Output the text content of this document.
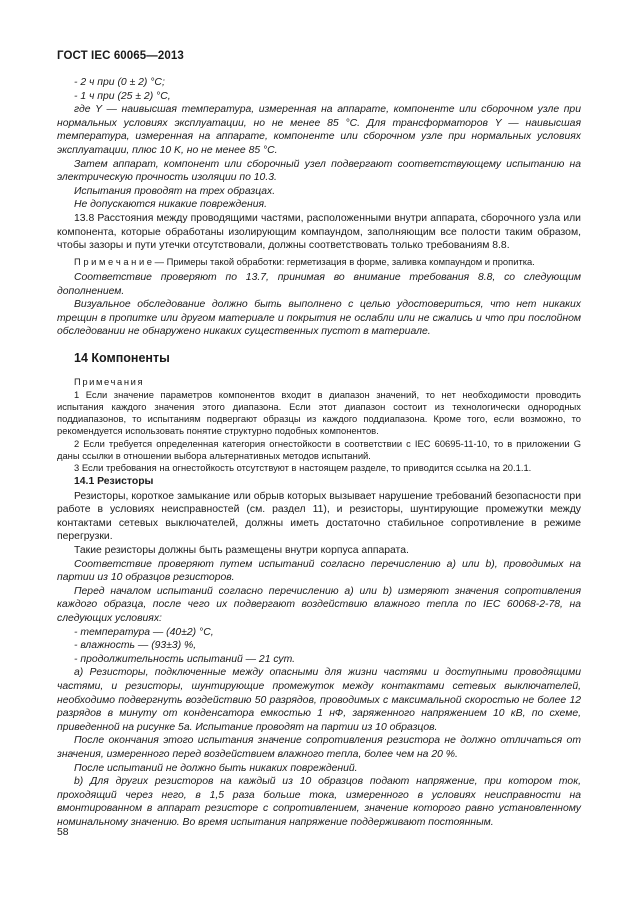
ГОСТ IEC 60065—2013

- 2 ч при (0 ± 2) °С;

- 1 ч при (25 ± 2) °С,

где Y — наивысшая температура, измеренная на аппарате, компоненте или сборочном узле при нормальных условиях эксплуатации, но не менее 85 °С. Для трансформаторов Y — наивысшая температура, измеренная на аппарате, компоненте или сборочном узле при нормальных условиях эксплуатации, плюс 10 K, но не менее 85 °С.

Затем аппарат, компонент или сборочный узел подвергают соответствующему испытанию на электрическую прочность изоляции по 10.3.

Испытания проводят на трех образцах.

Не допускаются никакие повреждения.

13.8 Расстояния между проводящими частями, расположенными внутри аппарата, сборочного узла или компонента, которые обработаны изолирующим компаундом, заполняющим все полости таким образом, чтобы зазоры и пути утечки отсутствовали, должны соответствовать только требованиям 8.8.

П р и м е ч а н и е — Примеры такой обработки: герметизация в форме, заливка компаундом и пропитка.

Соответствие проверяют по 13.7, принимая во внимание требования 8.8, со следующим дополнением.

Визуальное обследование должно быть выполнено с целью удостовериться, что нет никаких трещин в пропитке или другом материале и покрытия не ослабли или не сжались и что при послойном обследовании не обнаружено никаких существенных пустот в материале.

14 Компоненты

Примечания

1 Если значение параметров компонентов входит в диапазон значений, то нет необходимости проводить испытания каждого значения этого диапазона. Если этот диапазон состоит из технологически однородных поддиапазонов, то испытаниям подвергают образцы из каждого поддиапазона. Кроме того, если возможно, то рекомендуется использовать понятие структурно подобных компонентов.

2 Если требуется определенная категория огнестойкости в соответствии с IEC 60695-11-10, то в приложении G даны ссылки в отношении выбора альтернативных методов испытаний.

3 Если требования на огнестойкость отсутствуют в настоящем разделе, то приводится ссылка на 20.1.1.

14.1 Резисторы

Резисторы, короткое замыкание или обрыв которых вызывает нарушение требований безопасности при работе в условиях неисправностей (см. раздел 11), и резисторы, шунтирующие промежутки между контактами сетевых выключателей, должны иметь достаточно стабильное сопротивление в режиме перегрузки.

Такие резисторы должны быть размещены внутри корпуса аппарата.

Соответствие проверяют путем испытаний согласно перечислению a) или b), проводимых на партии из 10 образцов резисторов.

Перед началом испытаний согласно перечислению a) или b) измеряют значения сопротивления каждого образца, после чего их подвергают воздействию влажного тепла по IEC 60068-2-78, на следующих условиях:

- температура — (40±2) °С,

- влажность — (93±3) %,

- продолжительность испытаний — 21 сут.

a) Резисторы, подключенные между опасными для жизни частями и доступными проводящими частями, и резисторы, шунтирующие промежуток между контактами сетевых выключателей, необходимо подвергнуть воздействию 50 разрядов, проводимых с максимальной скоростью не более 12 разрядов в минуту от конденсатора емкостью 1 нФ, заряженного напряжением 10 кВ, по схеме, приведенной на рисунке 5а. Испытание проводят на партии из 10 образцов.

После окончания этого испытания значение сопротивления резистора не должно отличаться от значения, измеренного перед воздействием влажного тепла, более чем на 20 %.

После испытаний не должно быть никаких повреждений.

b) Для других резисторов на каждый из 10 образцов подают напряжение, при котором ток, проходящий через него, в 1,5 раза больше тока, измеренного в условиях неисправности на вмонтированном в аппарат резисторе с сопротивлением, значение которого равно установленному номинальному значению. Во время испытания напряжение поддерживают постоянным.

58
